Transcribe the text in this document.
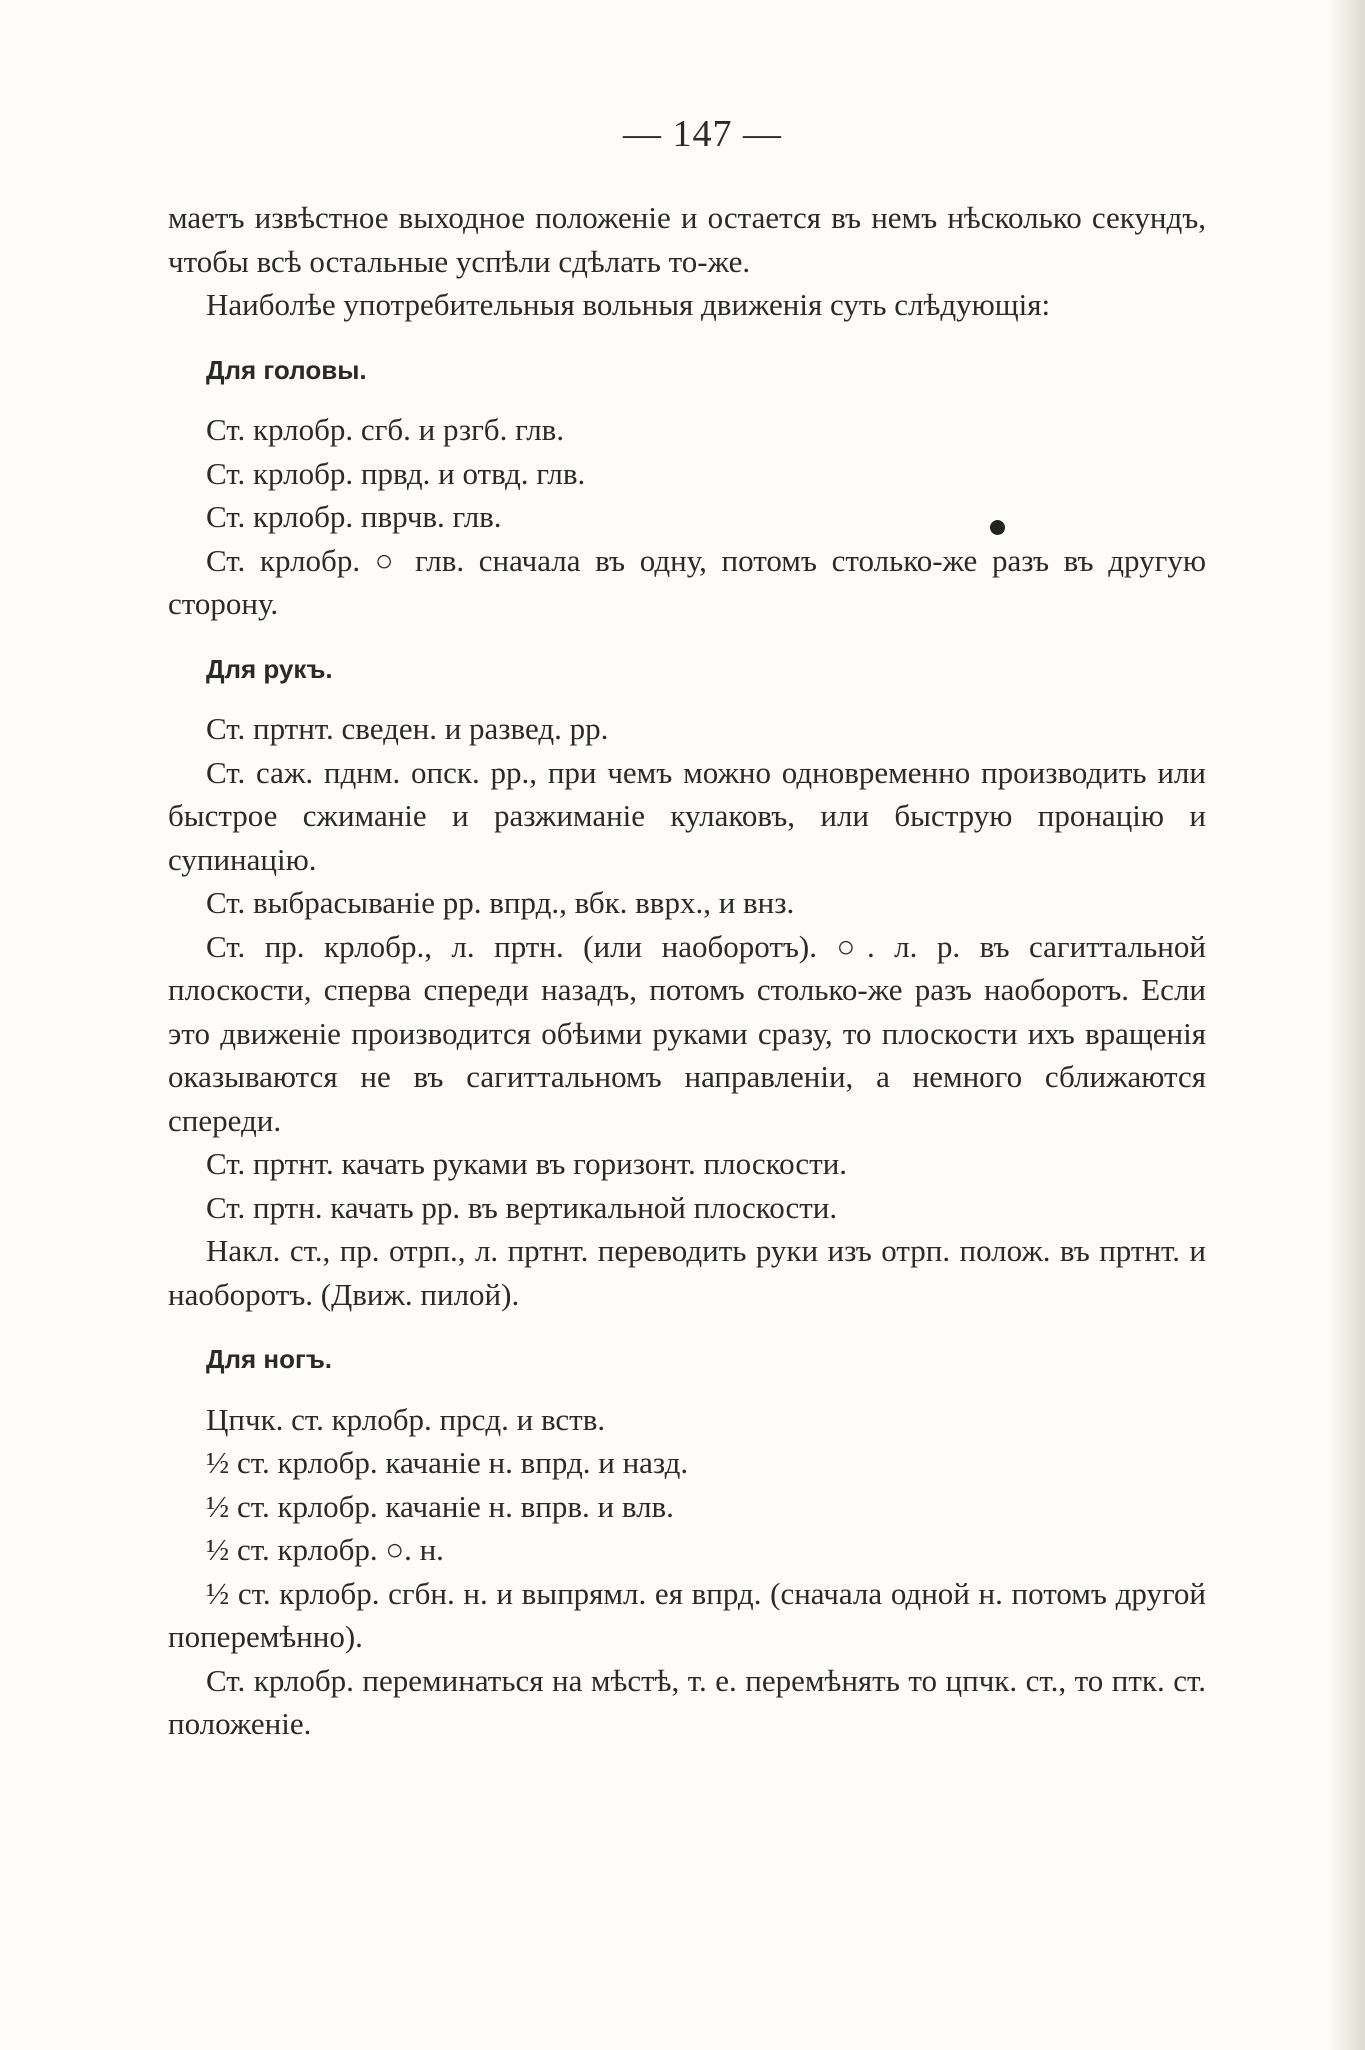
— 147 —

маетъ извѣстное выходное положеніе и остается въ немъ нѣсколько секундъ, чтобы всѣ остальные успѣли сдѣлать то-же.

Наиболѣе употребительныя вольныя движенія суть слѣдующія:

Для головы.

Ст. крлобр. сгб. и рзгб. глв.

Ст. крлобр. првд. и отвд. глв.

Ст. крлобр. пврчв. глв.

Ст. крлобр. ○ глв. сначала въ одну, потомъ столько-же разъ въ другую сторону.

Для рукъ.

Ст. пртнт. сведен. и развед. рр.

Ст. саж. пднм. опск. рр., при чемъ можно одновременно производить или быстрое сжиманіе и разжиманіе кулаковъ, или быструю пронацію и супинацію.

Ст. выбрасываніе рр. впрд., вбк. вврх., и внз.

Ст. пр. крлобр., л. пртн. (или наоборотъ). ○. л. р. въ сагиттальной плоскости, сперва спереди назадъ, потомъ столько-же разъ наоборотъ. Если это движеніе производится обѣими руками сразу, то плоскости ихъ вращенія оказываются не въ сагиттальномъ направленіи, а немного сближаются спереди.

Ст. пртнт. качать руками въ горизонт. плоскости.

Ст. пртн. качать рр. въ вертикальной плоскости.

Накл. ст., пр. отрп., л. пртнт. переводить руки изъ отрп. полож. въ пртнт. и наоборотъ. (Движ. пилой).

Для ногъ.

Цпчк. ст. крлобр. прсд. и вств.

½ ст. крлобр. качаніе н. впрд. и назд.

½ ст. крлобр. качаніе н. впрв. и влв.

½ ст. крлобр. ○. н.

½ ст. крлобр. сгбн. н. и выпрямл. ея впрд. (сначала одной н. потомъ другой поперемѣнно).

Ст. крлобр. переминаться на мѣстѣ, т. е. перемѣнять то цпчк. ст., то птк. ст. положеніе.
